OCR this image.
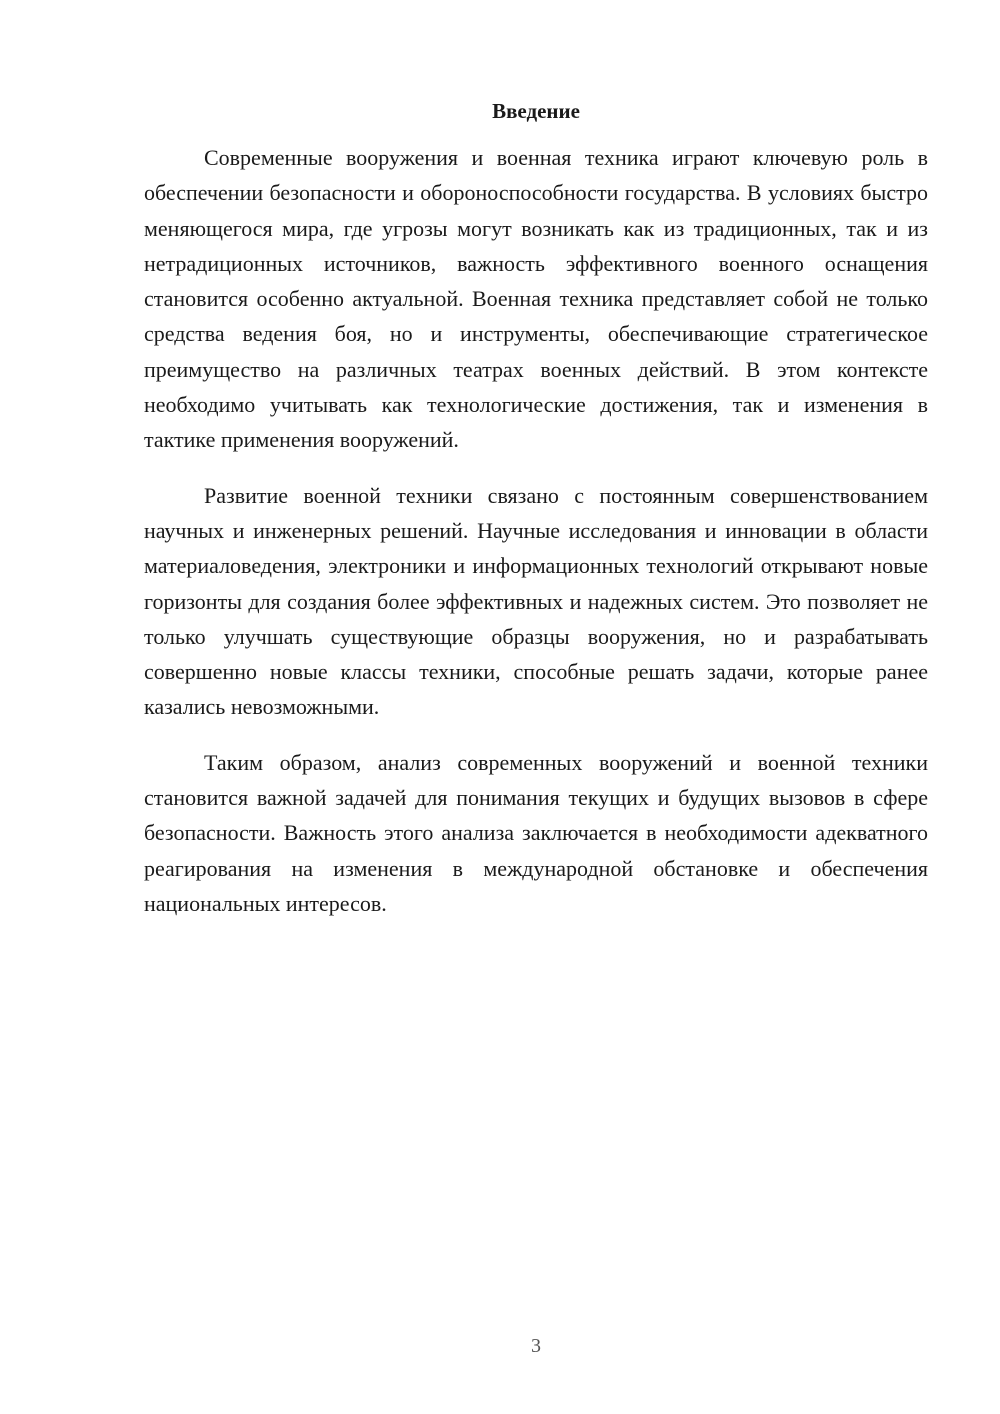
Введение

Современные вооружения и военная техника играют ключевую роль в обеспечении безопасности и обороноспособности государства. В условиях быстро меняющегося мира, где угрозы могут возникать как из традиционных, так и из нетрадиционных источников, важность эффективного военного оснащения становится особенно актуальной. Военная техника представляет собой не только средства ведения боя, но и инструменты, обеспечивающие стратегическое преимущество на различных театрах военных действий. В этом контексте необходимо учитывать как технологические достижения, так и изменения в тактике применения вооружений.

Развитие военной техники связано с постоянным совершенствованием научных и инженерных решений. Научные исследования и инновации в области материаловедения, электроники и информационных технологий открывают новые горизонты для создания более эффективных и надежных систем. Это позволяет не только улучшать существующие образцы вооружения, но и разрабатывать совершенно новые классы техники, способные решать задачи, которые ранее казались невозможными.

Таким образом, анализ современных вооружений и военной техники становится важной задачей для понимания текущих и будущих вызовов в сфере безопасности. Важность этого анализа заключается в необходимости адекватного реагирования на изменения в международной обстановке и обеспечения национальных интересов.

3
